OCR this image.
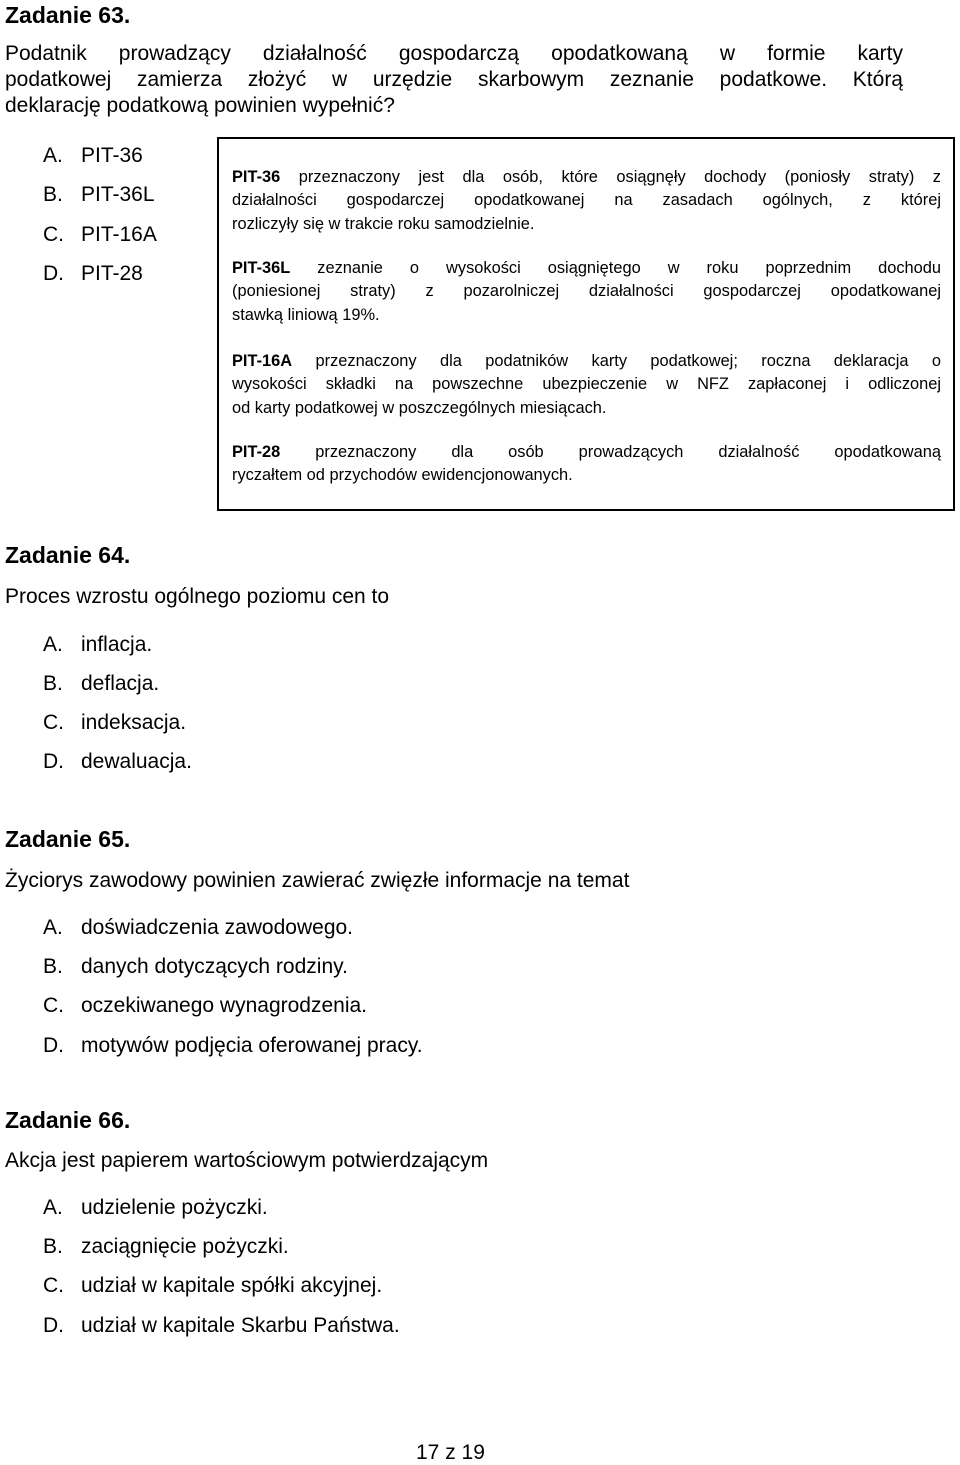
Zadanie 63.
Podatnik prowadzący działalność gospodarczą opodatkowaną w formie karty
podatkowej zamierza złożyć w urzędzie skarbowym zeznanie podatkowe. Którą
deklarację podatkową powinien wypełnić?
A. PIT-36
B. PIT-36L
C. PIT-16A
D. PIT-28
PIT-36 przeznaczony jest dla osób, które osiągnęły dochody (poniosły straty) z
działalności gospodarczej opodatkowanej na zasadach ogólnych, z której
rozliczyły się w trakcie roku samodzielnie.
PIT-36L zeznanie o wysokości osiągniętego w roku poprzednim dochodu
(poniesionej straty) z pozarolniczej działalności gospodarczej opodatkowanej
stawką liniową 19%.
PIT-16A przeznaczony dla podatników karty podatkowej; roczna deklaracja o
wysokości składki na powszechne ubezpieczenie w NFZ zapłaconej i odliczonej
od karty podatkowej w poszczególnych miesiącach.
PIT-28 przeznaczony dla osób prowadzących działalność opodatkowaną
ryczałtem od przychodów ewidencjonowanych.
Zadanie 64.
Proces wzrostu ogólnego poziomu cen to
A. inflacja.
B. deflacja.
C. indeksacja.
D. dewaluacja.
Zadanie 65.
Życiorys zawodowy powinien zawierać zwięzłe informacje na temat
A. doświadczenia zawodowego.
B. danych dotyczących rodziny.
C. oczekiwanego wynagrodzenia.
D. motywów podjęcia oferowanej pracy.
Zadanie 66.
Akcja jest papierem wartościowym potwierdzającym
A. udzielenie pożyczki.
B. zaciągnięcie pożyczki.
C. udział w kapitale spółki akcyjnej.
D. udział w kapitale Skarbu Państwa.
17 z 19
